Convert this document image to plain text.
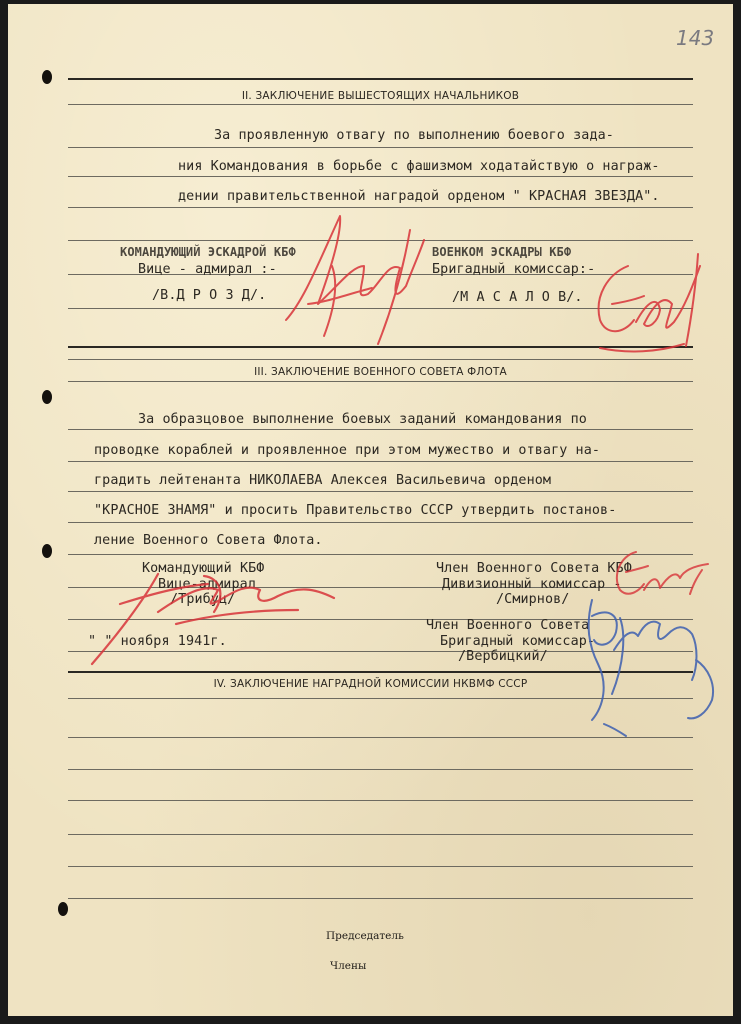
143
II. ЗАКЛЮЧЕНИЕ ВЫШЕСТОЯЩИХ НАЧАЛЬНИКОВ
За проявленную отвагу по выполнению боевого зада-
ния Командования в борьбе с фашизмом ходатайствую о награж-
дении правительственной наградой орденом " КРАСНАЯ ЗВЕЗДА".
КОМАНДУЮЩИЙ ЭСКАДРОЙ КБФ
Вице - адмирал :-
/В.Д Р О З Д/.
ВОЕНКОМ ЭСКАДРЫ КБФ
Бригадный комиссар:-
/М А С А Л О В/.
III. ЗАКЛЮЧЕНИЕ ВОЕННОГО СОВЕТА ФЛОТА
За образцовое выполнение боевых заданий командования по
проводке кораблей и проявленное при этом мужество и отвагу на-
градить лейтенанта НИКОЛАЕВА Алексея Васильевича орденом
"КРАСНОЕ ЗНАМЯ" и просить Правительство СССР утвердить постанов-
ление Военного Совета Флота.
Командующий КБФ
Вице-адмирал
/Трибуц/
Член Военного Совета КБФ
Дивизионный комиссар -
/Смирнов/
" " ноября 1941г.
Член Военного Совета
Бригадный комиссар-
/Вербицкий/
IV. ЗАКЛЮЧЕНИЕ НАГРАДНОЙ КОМИССИИ НКВМФ СССР
Председатель
Члены
